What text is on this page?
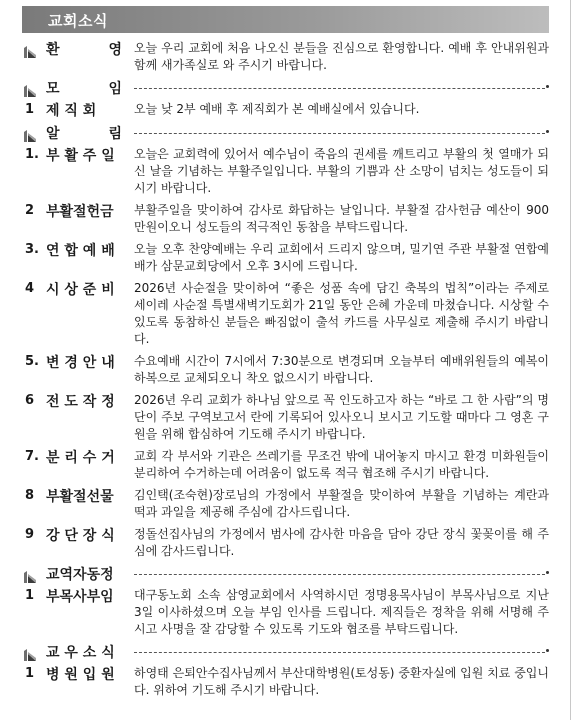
교회소식
환	영 오늘 우리 교회에 처음 나오신 분들을 진심으로 환영합니다. 예배 후 안내위원과 함께 새가족실로 와 주시기 바랍니다.
모	임
1 제 직 회	오늘 낮 2부 예배 후 제직회가 본 예배실에서 있습니다.
알	림
1. 부 활 주 일 오늘은 교회력에 있어서 예수님이 죽음의 권세를 깨트리고 부활의 첫 열매가 되신 날을 기념하는 부활주일입니다. 부활의 기쁨과 산 소망이 넘치는 성도들이 되시기 바랍니다.
2 부활절헌금 부활주일을 맞이하여 감사로 화답하는 날입니다. 부활절 감사헌금 예산이 900만원이오니 성도들의 적극적인 동참을 부탁드립니다.
3. 연 합 예 배 오늘 오후 찬양예배는 우리 교회에서 드리지 않으며, 밀기연 주관 부활절 연합예배가 삼문교회당에서 오후 3시에 드립니다.
4 시 상 준 비 2026년 사순절을 맞이하여 “좋은 성품 속에 담긴 축복의 법칙”이라는 주제로 세이레 사순절 특별새벽기도회가 21일 동안 은혜 가운데 마쳤습니다. 시상할 수 있도록 동참하신 분들은 빠짐없이 출석 카드를 사무실로 제출해 주시기 바랍니다.
5. 변 경 안 내 수요예배 시간이 7시에서 7:30분으로 변경되며 오늘부터 예배위원들의 예복이 하복으로 교체되오니 착오 없으시기 바랍니다.
6 전 도 작 정 2026년 우리 교회가 하나님 앞으로 꼭 인도하고자 하는 “바로 그 한 사람”의 명단이 주보 구역보고서 란에 기록되어 있사오니 보시고 기도할 때마다 그 영혼 구원을 위해 합심하여 기도해 주시기 바랍니다.
7. 분 리 수 거 교회 각 부서와 기관은 쓰레기를 무조건 밖에 내어놓지 마시고 환경 미화원들이 분리하여 수거하는데 어려움이 없도록 적극 협조해 주시기 바랍니다.
8 부활절선물 김인택(조숙현)장로님의 가정에서 부활절을 맞이하여 부활을 기념하는 계란과 떡과 과일을 제공해 주심에 감사드립니다.
9 강 단 장 식 정돌선집사님의 가정에서 범사에 감사한 마음을 담아 강단 장식 꽃꽂이를 해 주심에 감사드립니다.
교역자동정
1 부목사부임 대구동노회 소속 삼영교회에서 사역하시던 정명용목사님이 부목사님으로 지난 3일 이사하셨으며 오늘 부임 인사를 드립니다. 제직들은 정착을 위해 서명해 주시고 사명을 잘 감당할 수 있도록 기도와 협조를 부탁드립니다.
교 우 소 식
1 병 원 입 원 하영태 은퇴안수집사님께서 부산대학병원(토성동) 중환자실에 입원 치료 중입니다. 위하여 기도해 주시기 바랍니다.
